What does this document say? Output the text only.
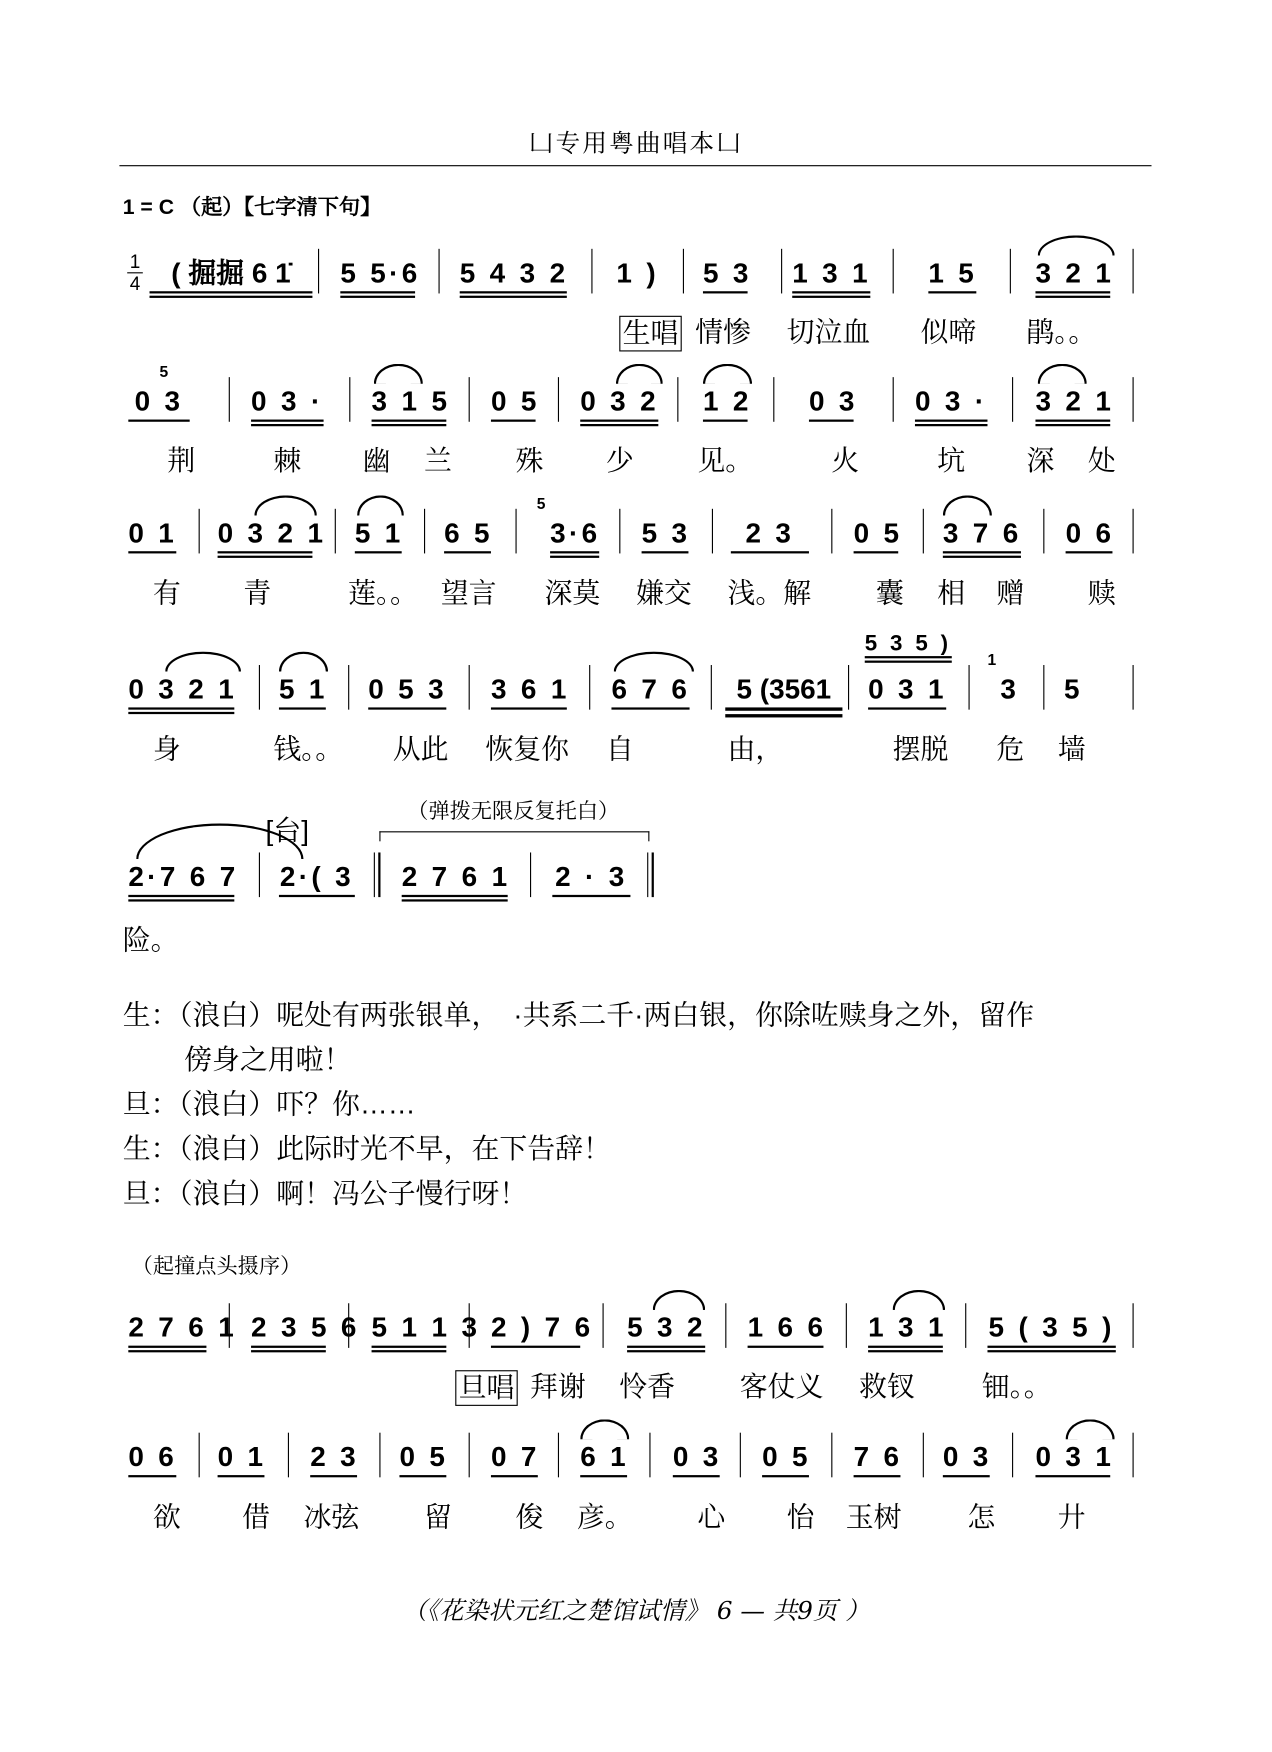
凵专用粤曲唱本凵
1 = C （起）【七字清下句】
1
4
（起撞点头摄序）
（《花染状元红之楚馆试情》 6 — 共9页 ）
( 掘掘 6 1̇	5 5·6 5 4 3 2 1 ) 5 3 1 3 1 1 5 3 2 1
生唱 情惨 切泣血 似啼 鹃。。
0 3	0 3 · 3 1 5 0 5 0 3 2 1 2 0 3 0 3 · 3 2 1
5
荆	棘 幽 兰	殊 少	见。	火	坑 深 处
0 1 0 3 2 1 5 1 6 5 3·6 5 3	2 3	0 5 3 7 6 0 6
5
有 青	莲。。 望言 深莫 嫌交 浅。解	囊 相 赠	赎
0 3 2 1 5 1 0 5 3 3 6 1 6 7 6	5 (3561	0 3 1 3 5
1
5 3 5 )
身	钱。。 从此 恢复你 自	由，	摆脱 危 墙
2·7 6 7 2·( 3 2 7 6 1 2 · 3
[台]
（弹拨无限反复托白）
险。
2 7 6 1 2 3 5 6 5 1 1 3 2 ) 7 6 5 3 2 1 6 6 1 3 1 5 ( 3 5 )
旦唱 拜谢 怜香	客仗义 救钗	钿。。
0 6 0 1 2 3 0 5 0 7 6 1 0 3 0 5 7 6 0 3 0 3 1
欲 借 冰弦	留	俊 彦。	心 怡 玉树	怎 廾
生：（浪白）呢处有两张银单，　·共系二千·两白银，你除咗赎身之外，留作
傍身之用啦！
旦：（浪白）吓？你……
生：（浪白）此际时光不早，在下告辞！
旦：（浪白）啊！冯公子慢行呀！
